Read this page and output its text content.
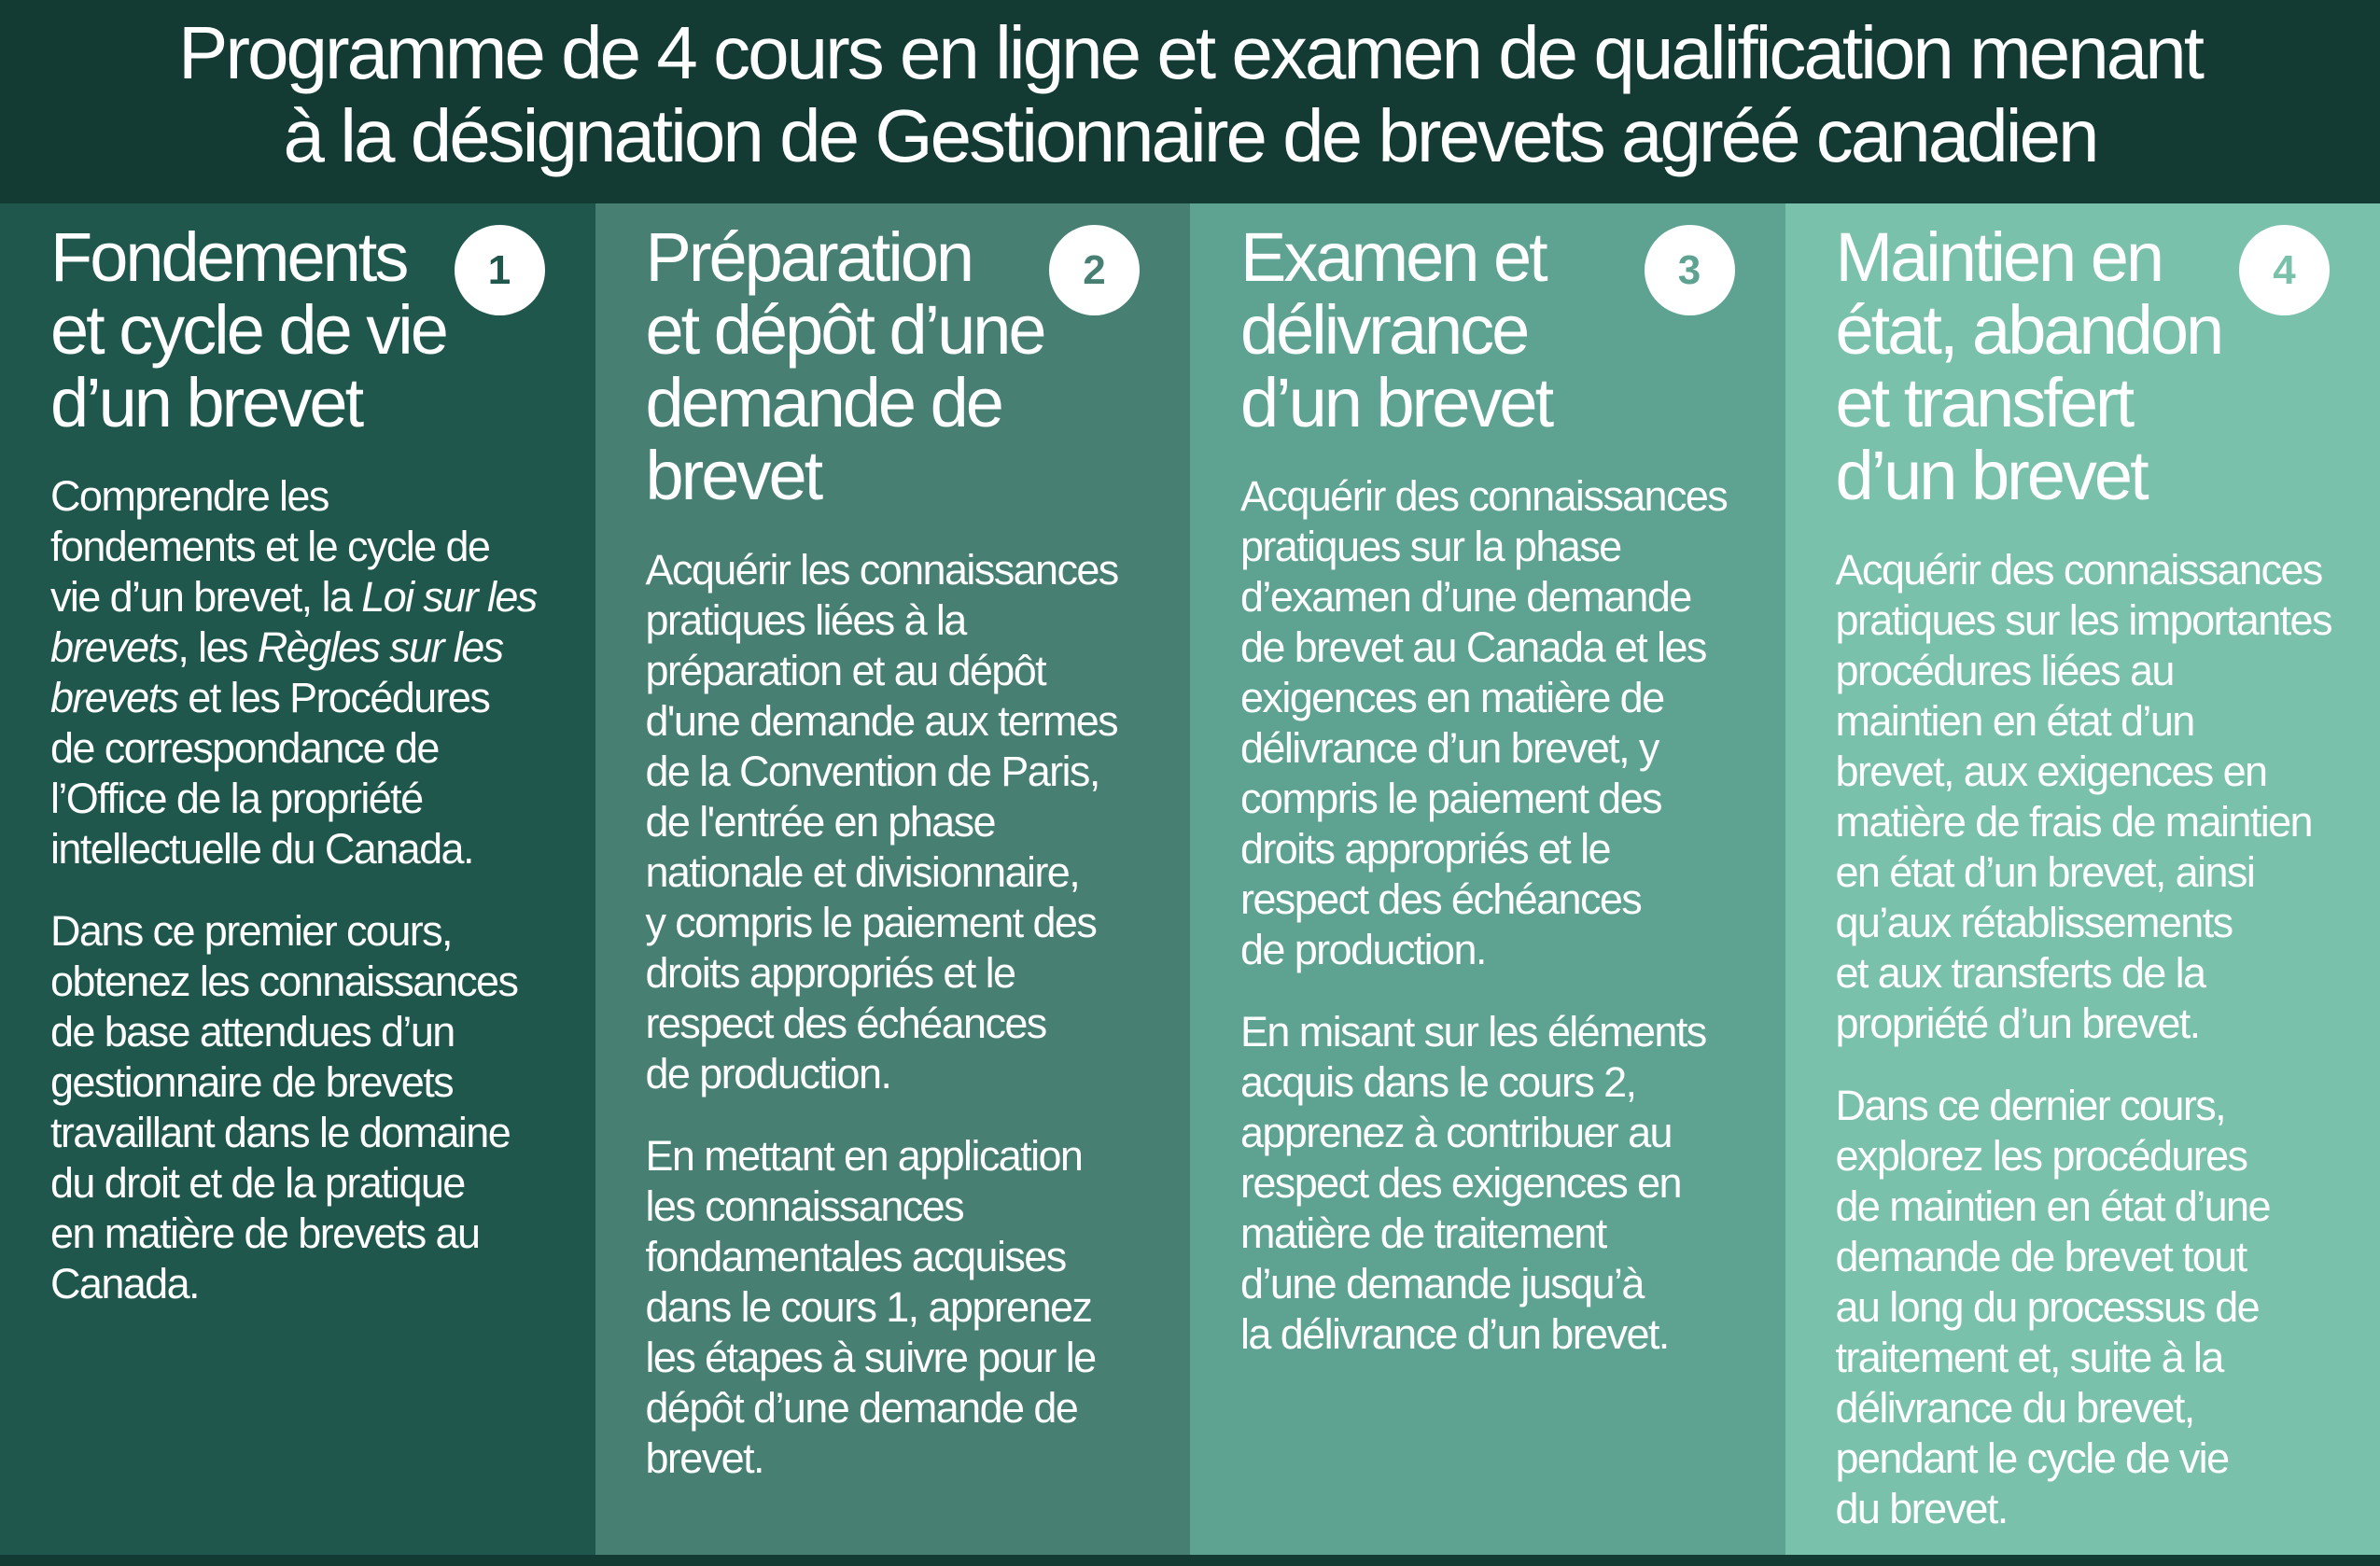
Programme de 4 cours en ligne et examen de qualification menant
à la désignation de Gestionnaire de brevets agréé canadien
Fondements
et cycle de vie
d’un brevet
1

Comprendre les
fondements et le cycle de
vie d’un brevet, la Loi sur les
brevets, les Règles sur les
brevets et les Procédures
de correspondance de
l’Office de la propriété
intellectuelle du Canada.

Dans ce premier cours,
obtenez les connaissances
de base attendues d’un
gestionnaire de brevets
travaillant dans le domaine
du droit et de la pratique
en matière de brevets au
Canada.

Préparation
et dépôt d’une
demande de
brevet
2

Acquérir les connaissances
pratiques liées à la
préparation et au dépôt
d'une demande aux termes
de la Convention de Paris,
de l'entrée en phase
nationale et divisionnaire,
y compris le paiement des
droits appropriés et le
respect des échéances
de production.

En mettant en application
les connaissances
fondamentales acquises
dans le cours 1, apprenez
les étapes à suivre pour le
dépôt d’une demande de
brevet.

Examen et
délivrance
d’un brevet
3

Acquérir des connaissances
pratiques sur la phase
d’examen d’une demande
de brevet au Canada et les
exigences en matière de
délivrance d’un brevet, y
compris le paiement des
droits appropriés et le
respect des échéances
de production.

En misant sur les éléments
acquis dans le cours 2,
apprenez à contribuer au
respect des exigences en
matière de traitement
d’une demande jusqu’à
la délivrance d’un brevet.

Maintien en
état, abandon
et transfert
d’un brevet
4

Acquérir des connaissances
pratiques sur les importantes
procédures liées au
maintien en état d’un
brevet, aux exigences en
matière de frais de maintien
en état d’un brevet, ainsi
qu’aux rétablissements
et aux transferts de la
propriété d’un brevet.

Dans ce dernier cours,
explorez les procédures
de maintien en état d’une
demande de brevet tout
au long du processus de
traitement et, suite à la
délivrance du brevet,
pendant le cycle de vie
du brevet.
